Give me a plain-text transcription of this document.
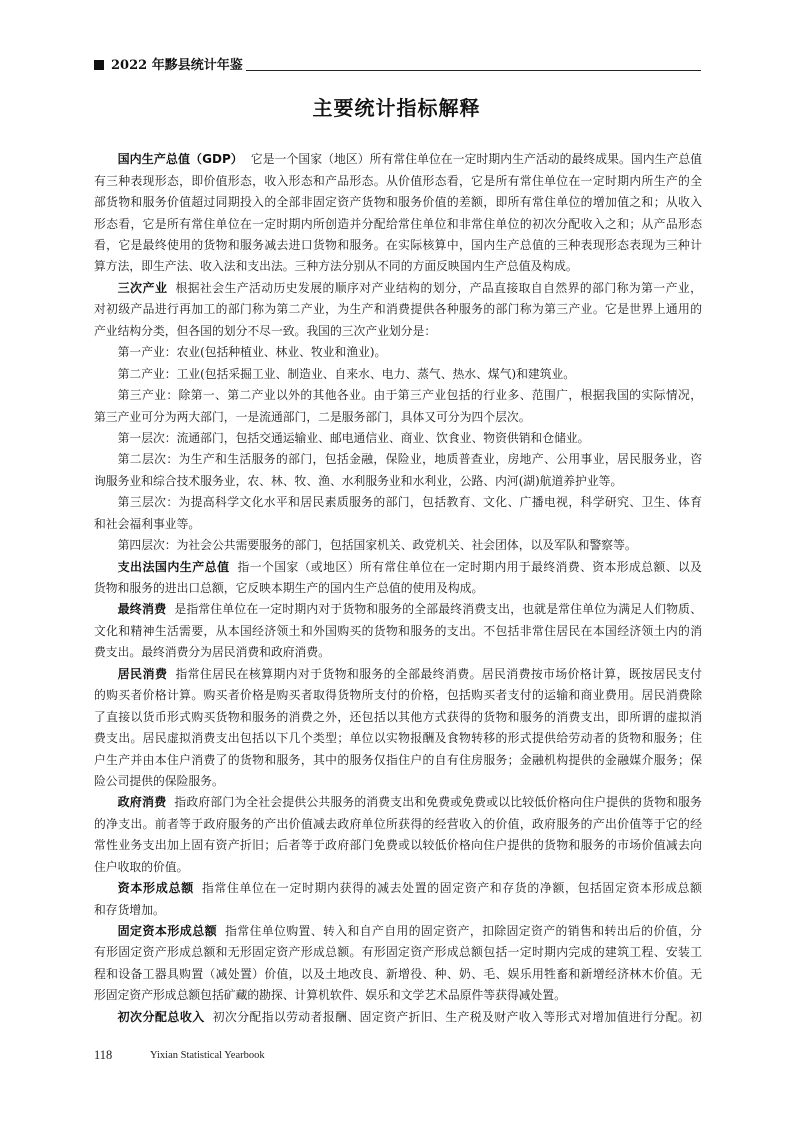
2022 年黟县统计年鉴
主要统计指标解释
国内生产总值（GDP） 它是一个国家（地区）所有常住单位在一定时期内生产活动的最终成果。国内生产总值
有三种表现形态，即价值形态，收入形态和产品形态。从价值形态看，它是所有常住单位在一定时期内所生产的全
部货物和服务价值超过同期投入的全部非固定资产货物和服务价值的差额，即所有常住单位的增加值之和；从收入
形态看，它是所有常住单位在一定时期内所创造并分配给常住单位和非常住单位的初次分配收入之和；从产品形态
看，它是最终使用的货物和服务减去进口货物和服务。在实际核算中，国内生产总值的三种表现形态表现为三种计
算方法，即生产法、收入法和支出法。三种方法分别从不同的方面反映国内生产总值及构成。
三次产业 根据社会生产活动历史发展的顺序对产业结构的划分，产品直接取自自然界的部门称为第一产业，
对初级产品进行再加工的部门称为第二产业，为生产和消费提供各种服务的部门称为第三产业。它是世界上通用的
产业结构分类，但各国的划分不尽一致。我国的三次产业划分是：
第一产业：农业(包括种植业、林业、牧业和渔业)。
第二产业：工业(包括采掘工业、制造业、自来水、电力、蒸气、热水、煤气)和建筑业。
第三产业：除第一、第二产业以外的其他各业。由于第三产业包括的行业多、范围广，根据我国的实际情况，
第三产业可分为两大部门，一是流通部门，二是服务部门，具体又可分为四个层次。
第一层次：流通部门，包括交通运输业、邮电通信业、商业、饮食业、物资供销和仓储业。
第二层次：为生产和生活服务的部门，包括金融，保险业，地质普查业，房地产、公用事业，居民服务业，咨
询服务业和综合技术服务业，农、林、牧、渔、水利服务业和水利业，公路、内河(湖)航道养护业等。
第三层次：为提高科学文化水平和居民素质服务的部门，包括教育、文化、广播电视，科学研究、卫生、体育
和社会福利事业等。
第四层次：为社会公共需要服务的部门，包括国家机关、政党机关、社会团体，以及军队和警察等。
支出法国内生产总值 指一个国家（或地区）所有常住单位在一定时期内用于最终消费、资本形成总额、以及
货物和服务的进出口总额，它反映本期生产的国内生产总值的使用及构成。
最终消费 是指常住单位在一定时期内对于货物和服务的全部最终消费支出，也就是常住单位为满足人们物质、
文化和精神生活需要，从本国经济领土和外国购买的货物和服务的支出。不包括非常住居民在本国经济领土内的消
费支出。最终消费分为居民消费和政府消费。
居民消费 指常住居民在核算期内对于货物和服务的全部最终消费。居民消费按市场价格计算，既按居民支付
的购买者价格计算。购买者价格是购买者取得货物所支付的价格，包括购买者支付的运输和商业费用。居民消费除
了直接以货币形式购买货物和服务的消费之外，还包括以其他方式获得的货物和服务的消费支出，即所谓的虚拟消
费支出。居民虚拟消费支出包括以下几个类型；单位以实物报酬及食物转移的形式提供给劳动者的货物和服务；住
户生产并由本住户消费了的货物和服务，其中的服务仅指住户的自有住房服务；金融机构提供的金融媒介服务；保
险公司提供的保险服务。
政府消费 指政府部门为全社会提供公共服务的消费支出和免费或免费或以比较低价格向住户提供的货物和服务
的净支出。前者等于政府服务的产出价值减去政府单位所获得的经营收入的价值，政府服务的产出价值等于它的经
常性业务支出加上固有资产折旧；后者等于政府部门免费或以较低价格向住户提供的货物和服务的市场价值减去向
住户收取的价值。
资本形成总额 指常住单位在一定时期内获得的减去处置的固定资产和存货的净额，包括固定资本形成总额
和存货增加。
固定资本形成总额 指常住单位购置、转入和自产自用的固定资产，扣除固定资产的销售和转出后的价值，分
有形固定资产形成总额和无形固定资产形成总额。有形固定资产形成总额包括一定时期内完成的建筑工程、安装工
程和设备工器具购置（减处置）价值，以及土地改良、新增役、种、奶、毛、娱乐用牲畜和新增经济林木价值。无
形固定资产形成总额包括矿藏的勘探、计算机软件、娱乐和文学艺术品原件等获得减处置。
初次分配总收入 初次分配指以劳动者报酬、固定资产折旧、生产税及财产收入等形式对增加值进行分配。初
118	Yixian Statistical Yearbook
